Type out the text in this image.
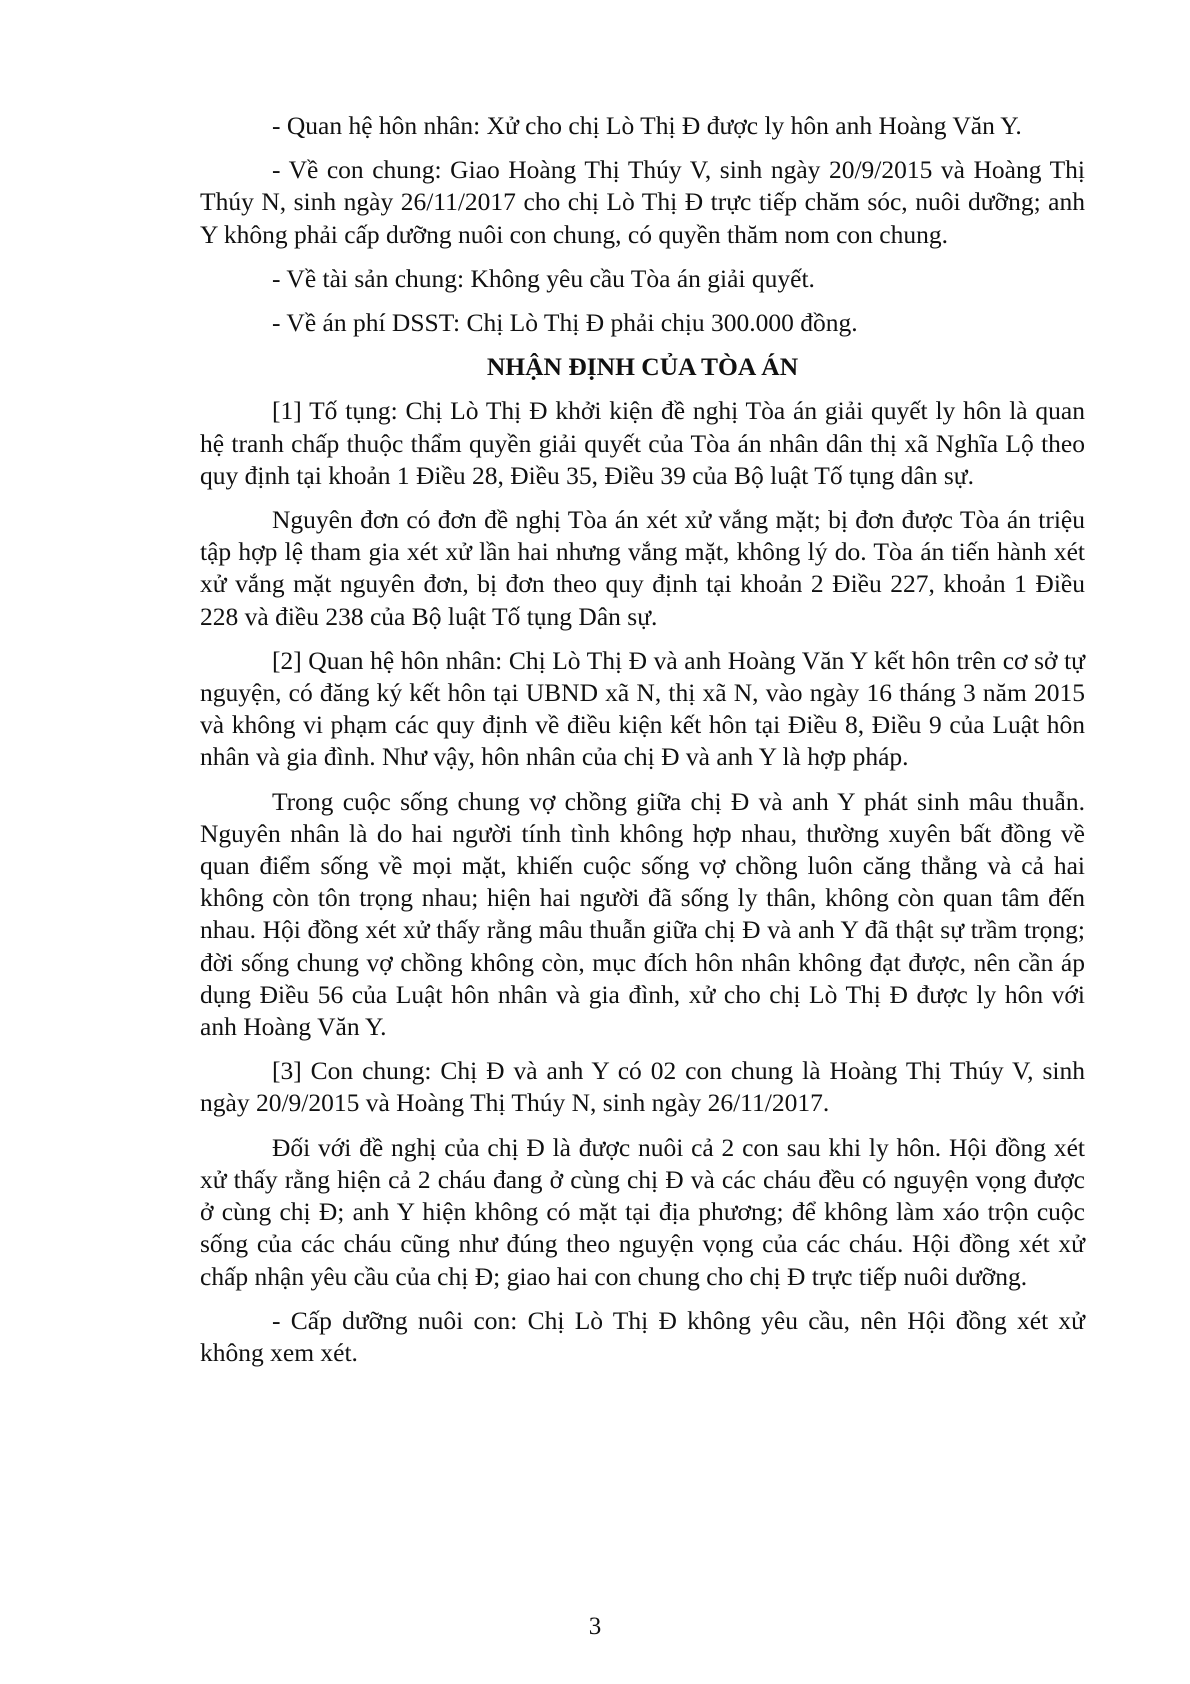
- Quan hệ hôn nhân: Xử cho chị Lò Thị Đ được ly hôn anh Hoàng Văn Y.

- Về con chung: Giao Hoàng Thị Thúy V, sinh ngày 20/9/2015 và Hoàng Thị Thúy N, sinh ngày 26/11/2017 cho chị Lò Thị Đ trực tiếp chăm sóc, nuôi dưỡng; anh Y không phải cấp dưỡng nuôi con chung, có quyền thăm nom con chung.

- Về tài sản chung: Không yêu cầu Tòa án giải quyết.

- Về án phí DSST: Chị Lò Thị Đ phải chịu 300.000 đồng.

NHẬN ĐỊNH CỦA TÒA ÁN

[1] Tố tụng: Chị Lò Thị Đ khởi kiện đề nghị Tòa án giải quyết ly hôn là quan hệ tranh chấp thuộc thẩm quyền giải quyết của Tòa án nhân dân thị xã Nghĩa Lộ theo quy định tại khoản 1 Điều 28, Điều 35, Điều 39 của Bộ luật Tố tụng dân sự.

Nguyên đơn có đơn đề nghị Tòa án xét xử vắng mặt; bị đơn được Tòa án triệu tập hợp lệ tham gia xét xử lần hai nhưng vắng mặt, không lý do. Tòa án tiến hành xét xử vắng mặt nguyên đơn, bị đơn theo quy định tại khoản 2 Điều 227, khoản 1 Điều 228 và điều 238 của Bộ luật Tố tụng Dân sự.

[2] Quan hệ hôn nhân: Chị Lò Thị Đ và anh Hoàng Văn Y kết hôn trên cơ sở tự nguyện, có đăng ký kết hôn tại UBND xã N, thị xã N, vào ngày 16 tháng 3 năm 2015 và không vi phạm các quy định về điều kiện kết hôn tại Điều 8, Điều 9 của Luật hôn nhân và gia đình. Như vậy, hôn nhân của chị Đ và anh Y là hợp pháp.

Trong cuộc sống chung vợ chồng giữa chị Đ và anh Y phát sinh mâu thuẫn. Nguyên nhân là do hai người tính tình không hợp nhau, thường xuyên bất đồng về quan điểm sống về mọi mặt, khiến cuộc sống vợ chồng luôn căng thẳng và cả hai không còn tôn trọng nhau; hiện hai người đã sống ly thân, không còn quan tâm đến nhau. Hội đồng xét xử thấy rằng mâu thuẫn giữa chị Đ và anh Y đã thật sự trầm trọng; đời sống chung vợ chồng không còn, mục đích hôn nhân không đạt được, nên cần áp dụng Điều 56 của Luật hôn nhân và gia đình, xử cho chị Lò Thị Đ được ly hôn với anh Hoàng Văn Y.

[3] Con chung: Chị Đ và anh Y có 02 con chung là Hoàng Thị Thúy V, sinh ngày 20/9/2015 và Hoàng Thị Thúy N, sinh ngày 26/11/2017.

Đối với đề nghị của chị Đ là được nuôi cả 2 con sau khi ly hôn. Hội đồng xét xử thấy rằng hiện cả 2 cháu đang ở cùng chị Đ và các cháu đều có nguyện vọng được ở cùng chị Đ; anh Y hiện không có mặt tại địa phương; để không làm xáo trộn cuộc sống của các cháu cũng như đúng theo nguyện vọng của các cháu. Hội đồng xét xử chấp nhận yêu cầu của chị Đ; giao hai con chung cho chị Đ trực tiếp nuôi dưỡng.

- Cấp dưỡng nuôi con: Chị Lò Thị Đ không yêu cầu, nên Hội đồng xét xử không xem xét.

3
